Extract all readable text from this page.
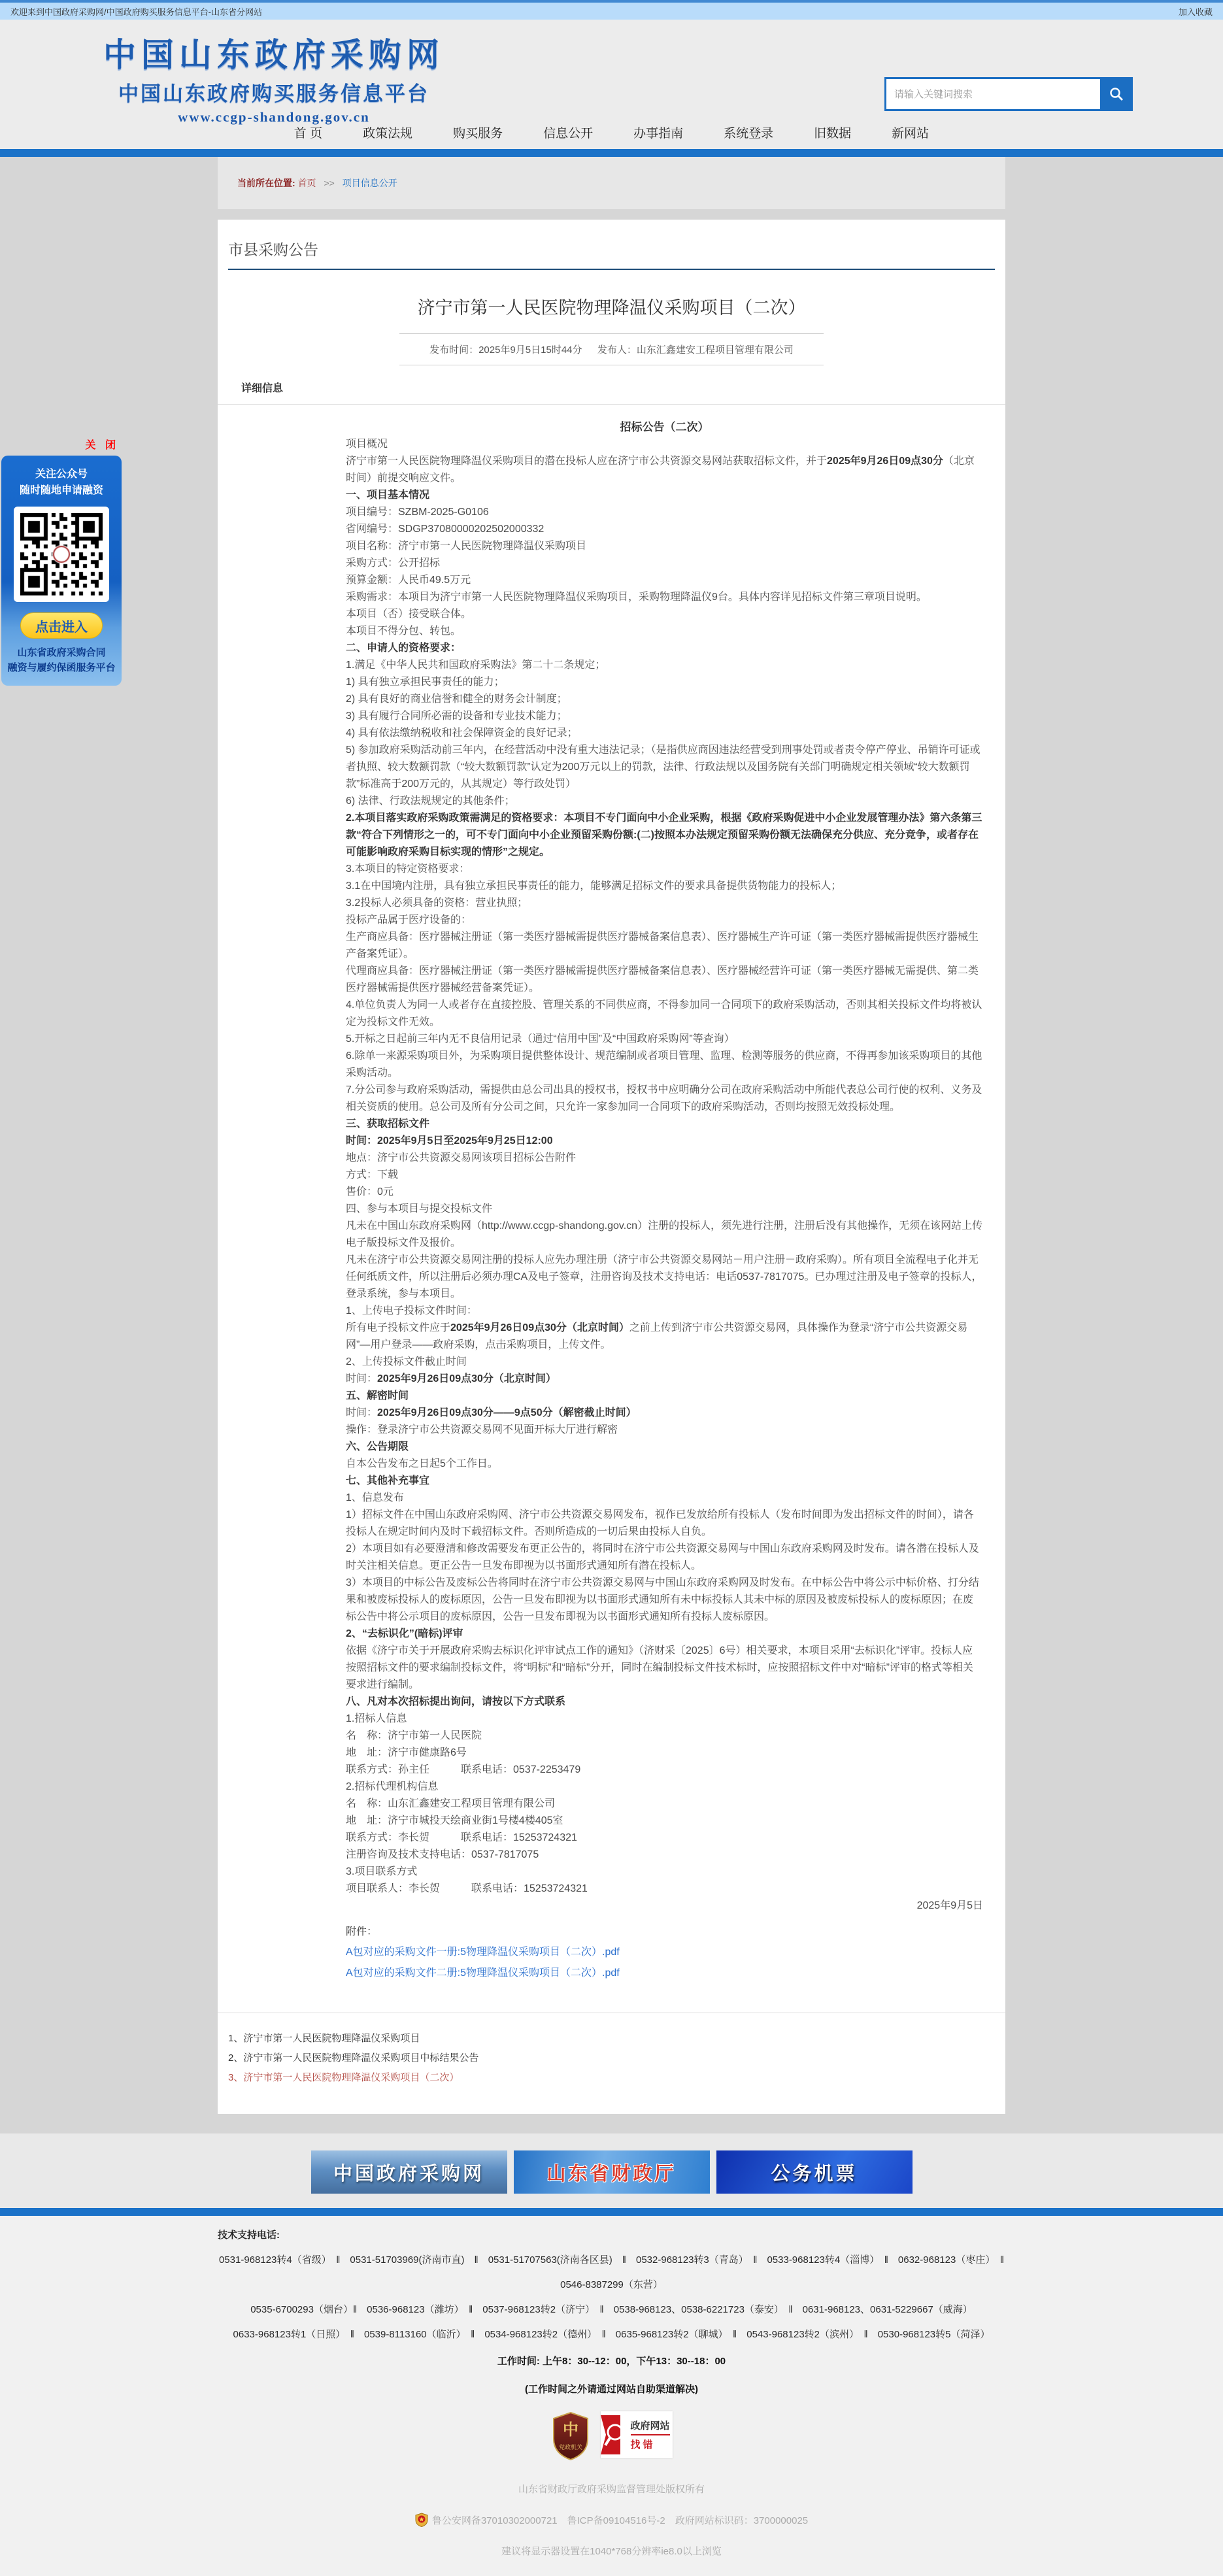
欢迎来到中国政府采购网/中国政府购买服务信息平台-山东省分网站	加入收藏
中国山东政府采购网
中国山东政府购买服务信息平台
www.ccgp-shandong.gov.cn
请输入关键词搜索
首 页	政策法规	购买服务	信息公开	办事指南	系统登录	旧数据	新网站
关 闭
关注公众号
随时随地申请融资
点击进入
山东省政府采购合同
融资与履约保函服务平台
当前所在位置: 首页 >> 项目信息公开
市县采购公告
济宁市第一人民医院物理降温仪采购项目（二次）
发布时间：2025年9月5日15时44分 　 发布人：山东汇鑫建安工程项目管理有限公司
详细信息

招标公告（二次）

项目概况

济宁市第一人民医院物理降温仪采购项目的潜在投标人应在济宁市公共资源交易网站获取招标文件，并于2025年9月26日09点30分（北京时间）前提交响应文件。

一、项目基本情况

项目编号：SZBM-2025-G0106

省网编号：SDGP37080000202502000332

项目名称：济宁市第一人民医院物理降温仪采购项目

采购方式：公开招标

预算金额：人民币49.5万元

采购需求：本项目为济宁市第一人民医院物理降温仪采购项目，采购物理降温仪9台。具体内容详见招标文件第三章项目说明。

本项目（否）接受联合体。

本项目不得分包、转包。

二、申请人的资格要求：

1.满足《中华人民共和国政府采购法》第二十二条规定；

1) 具有独立承担民事责任的能力；

2) 具有良好的商业信誉和健全的财务会计制度；

3) 具有履行合同所必需的设备和专业技术能力；

4) 具有依法缴纳税收和社会保障资金的良好记录；

5) 参加政府采购活动前三年内，在经营活动中没有重大违法记录；（是指供应商因违法经营受到刑事处罚或者责令停产停业、吊销许可证或者执照、较大数额罚款（“较大数额罚款”认定为200万元以上的罚款，法律、行政法规以及国务院有关部门明确规定相关领域“较大数额罚款”标准高于200万元的，从其规定）等行政处罚）

6) 法律、行政法规规定的其他条件；

2.本项目落实政府采购政策需满足的资格要求：本项目不专门面向中小企业采购，根据《政府采购促进中小企业发展管理办法》第六条第三款“符合下列情形之一的，可不专门面向中小企业预留采购份额:(二)按照本办法规定预留采购份额无法确保充分供应、充分竞争，或者存在可能影响政府采购目标实现的情形”之规定。

3.本项目的特定资格要求：

3.1在中国境内注册，具有独立承担民事责任的能力，能够满足招标文件的要求具备提供货物能力的投标人；

3.2投标人必须具备的资格：营业执照；

投标产品属于医疗设备的：

生产商应具备：医疗器械注册证（第一类医疗器械需提供医疗器械备案信息表）、医疗器械生产许可证（第一类医疗器械需提供医疗器械生产备案凭证）。

代理商应具备：医疗器械注册证（第一类医疗器械需提供医疗器械备案信息表）、医疗器械经营许可证（第一类医疗器械无需提供、第二类医疗器械需提供医疗器械经营备案凭证）。

4.单位负责人为同一人或者存在直接控股、管理关系的不同供应商，不得参加同一合同项下的政府采购活动，否则其相关投标文件均将被认定为投标文件无效。

5.开标之日起前三年内无不良信用记录（通过“信用中国”及“中国政府采购网”等查询）

6.除单一来源采购项目外，为采购项目提供整体设计、规范编制或者项目管理、监理、检测等服务的供应商，不得再参加该采购项目的其他采购活动。

7.分公司参与政府采购活动，需提供由总公司出具的授权书，授权书中应明确分公司在政府采购活动中所能代表总公司行使的权利、义务及相关资质的使用。总公司及所有分公司之间，只允许一家参加同一合同项下的政府采购活动，否则均按照无效投标处理。

三、获取招标文件

时间：2025年9月5日至2025年9月25日12:00

地点：济宁市公共资源交易网该项目招标公告附件

方式：下载

售价：0元

四、参与本项目与提交投标文件

凡未在中国山东政府采购网（http://www.ccgp-shandong.gov.cn）注册的投标人，须先进行注册，注册后没有其他操作，无须在该网站上传电子版投标文件及报价。

凡未在济宁市公共资源交易网注册的投标人应先办理注册（济宁市公共资源交易网站－用户注册－政府采购）。所有项目全流程电子化并无任何纸质文件，所以注册后必须办理CA及电子签章，注册咨询及技术支持电话：电话0537-7817075。已办理过注册及电子签章的投标人，登录系统，参与本项目。

1、上传电子投标文件时间：

所有电子投标文件应于2025年9月26日09点30分（北京时间）之前上传到济宁市公共资源交易网，具体操作为登录“济宁市公共资源交易网”—用户登录——政府采购，点击采购项目，上传文件。

2、上传投标文件截止时间

时间：2025年9月26日09点30分（北京时间）

五、解密时间

时间：2025年9月26日09点30分——9点50分（解密截止时间）

操作：登录济宁市公共资源交易网不见面开标大厅进行解密

六、公告期限

自本公告发布之日起5个工作日。

七、其他补充事宜

1、信息发布

1）招标文件在中国山东政府采购网、济宁市公共资源交易网发布，视作已发放给所有投标人（发布时间即为发出招标文件的时间），请各投标人在规定时间内及时下载招标文件。否则所造成的一切后果由投标人自负。

2）本项目如有必要澄清和修改需要发布更正公告的，将同时在济宁市公共资源交易网与中国山东政府采购网及时发布。请各潜在投标人及时关注相关信息。更正公告一旦发布即视为以书面形式通知所有潜在投标人。

3）本项目的中标公告及废标公告将同时在济宁市公共资源交易网与中国山东政府采购网及时发布。在中标公告中将公示中标价格、打分结果和被废标投标人的废标原因，公告一旦发布即视为以书面形式通知所有未中标投标人其未中标的原因及被废标投标人的废标原因；在废标公告中将公示项目的废标原因，公告一旦发布即视为以书面形式通知所有投标人废标原因。

2、“去标识化”(暗标)评审

依据《济宁市关于开展政府采购去标识化评审试点工作的通知》（济财采〔2025〕6号）相关要求，本项目采用“去标识化”评审。投标人应按照招标文件的要求编制投标文件，将“明标”和“暗标”分开，同时在编制投标文件技术标时，应按照招标文件中对“暗标”评审的格式等相关要求进行编制。

八、凡对本次招标提出询问，请按以下方式联系

1.招标人信息

名　称：济宁市第一人民医院

地　址：济宁市健康路6号

联系方式：孙主任　　　联系电话：0537-2253479

2.招标代理机构信息

名　称：山东汇鑫建安工程项目管理有限公司

地　址：济宁市城投天绘商业街1号楼4楼405室

联系方式：李长贺　　　联系电话：15253724321

注册咨询及技术支持电话：0537-7817075

3.项目联系方式

项目联系人：李长贺　　　联系电话：15253724321

2025年9月5日

附件：
A包对应的采购文件一册:5物理降温仪采购项目（二次）.pdf
A包对应的采购文件二册:5物理降温仪采购项目（二次）.pdf
1、济宁市第一人民医院物理降温仪采购项目
2、济宁市第一人民医院物理降温仪采购项目中标结果公告
3、济宁市第一人民医院物理降温仪采购项目（二次）
中国政府采购网	山东省财政厅	公务机票
技术支持电话:
0531-968123转4（省级）　‖　0531-51703969(济南市直)　‖　0531-51707563(济南各区县)　‖　0532-968123转3（青岛）　‖　0533-968123转4（淄博）　‖　0632-968123（枣庄）　‖
0546-8387299（东营）
0535-6700293（烟台）‖　0536-968123（潍坊）　‖　0537-968123转2（济宁）　‖　0538-968123、0538-6221723（泰安）　‖　0631-968123、0631-5229667（威海）
0633-968123转1（日照）　‖　0539-8113160（临沂）　‖　0534-968123转2（德州）　‖　0635-968123转2（聊城）　‖　0543-968123转2（滨州）　‖　0530-968123转5（菏泽）
工作时间: 上午8：30--12：00，下午13：30--18：00
(工作时间之外请通过网站自助渠道解决)
中
党政机关
政府网站
找错
山东省财政厅政府采购监督管理处版权所有
鲁公安网备37010302000721　鲁ICP备09104516号-2　政府网站标识码：3700000025
建议将显示器设置在1040*768分辨率ie8.0以上浏览
